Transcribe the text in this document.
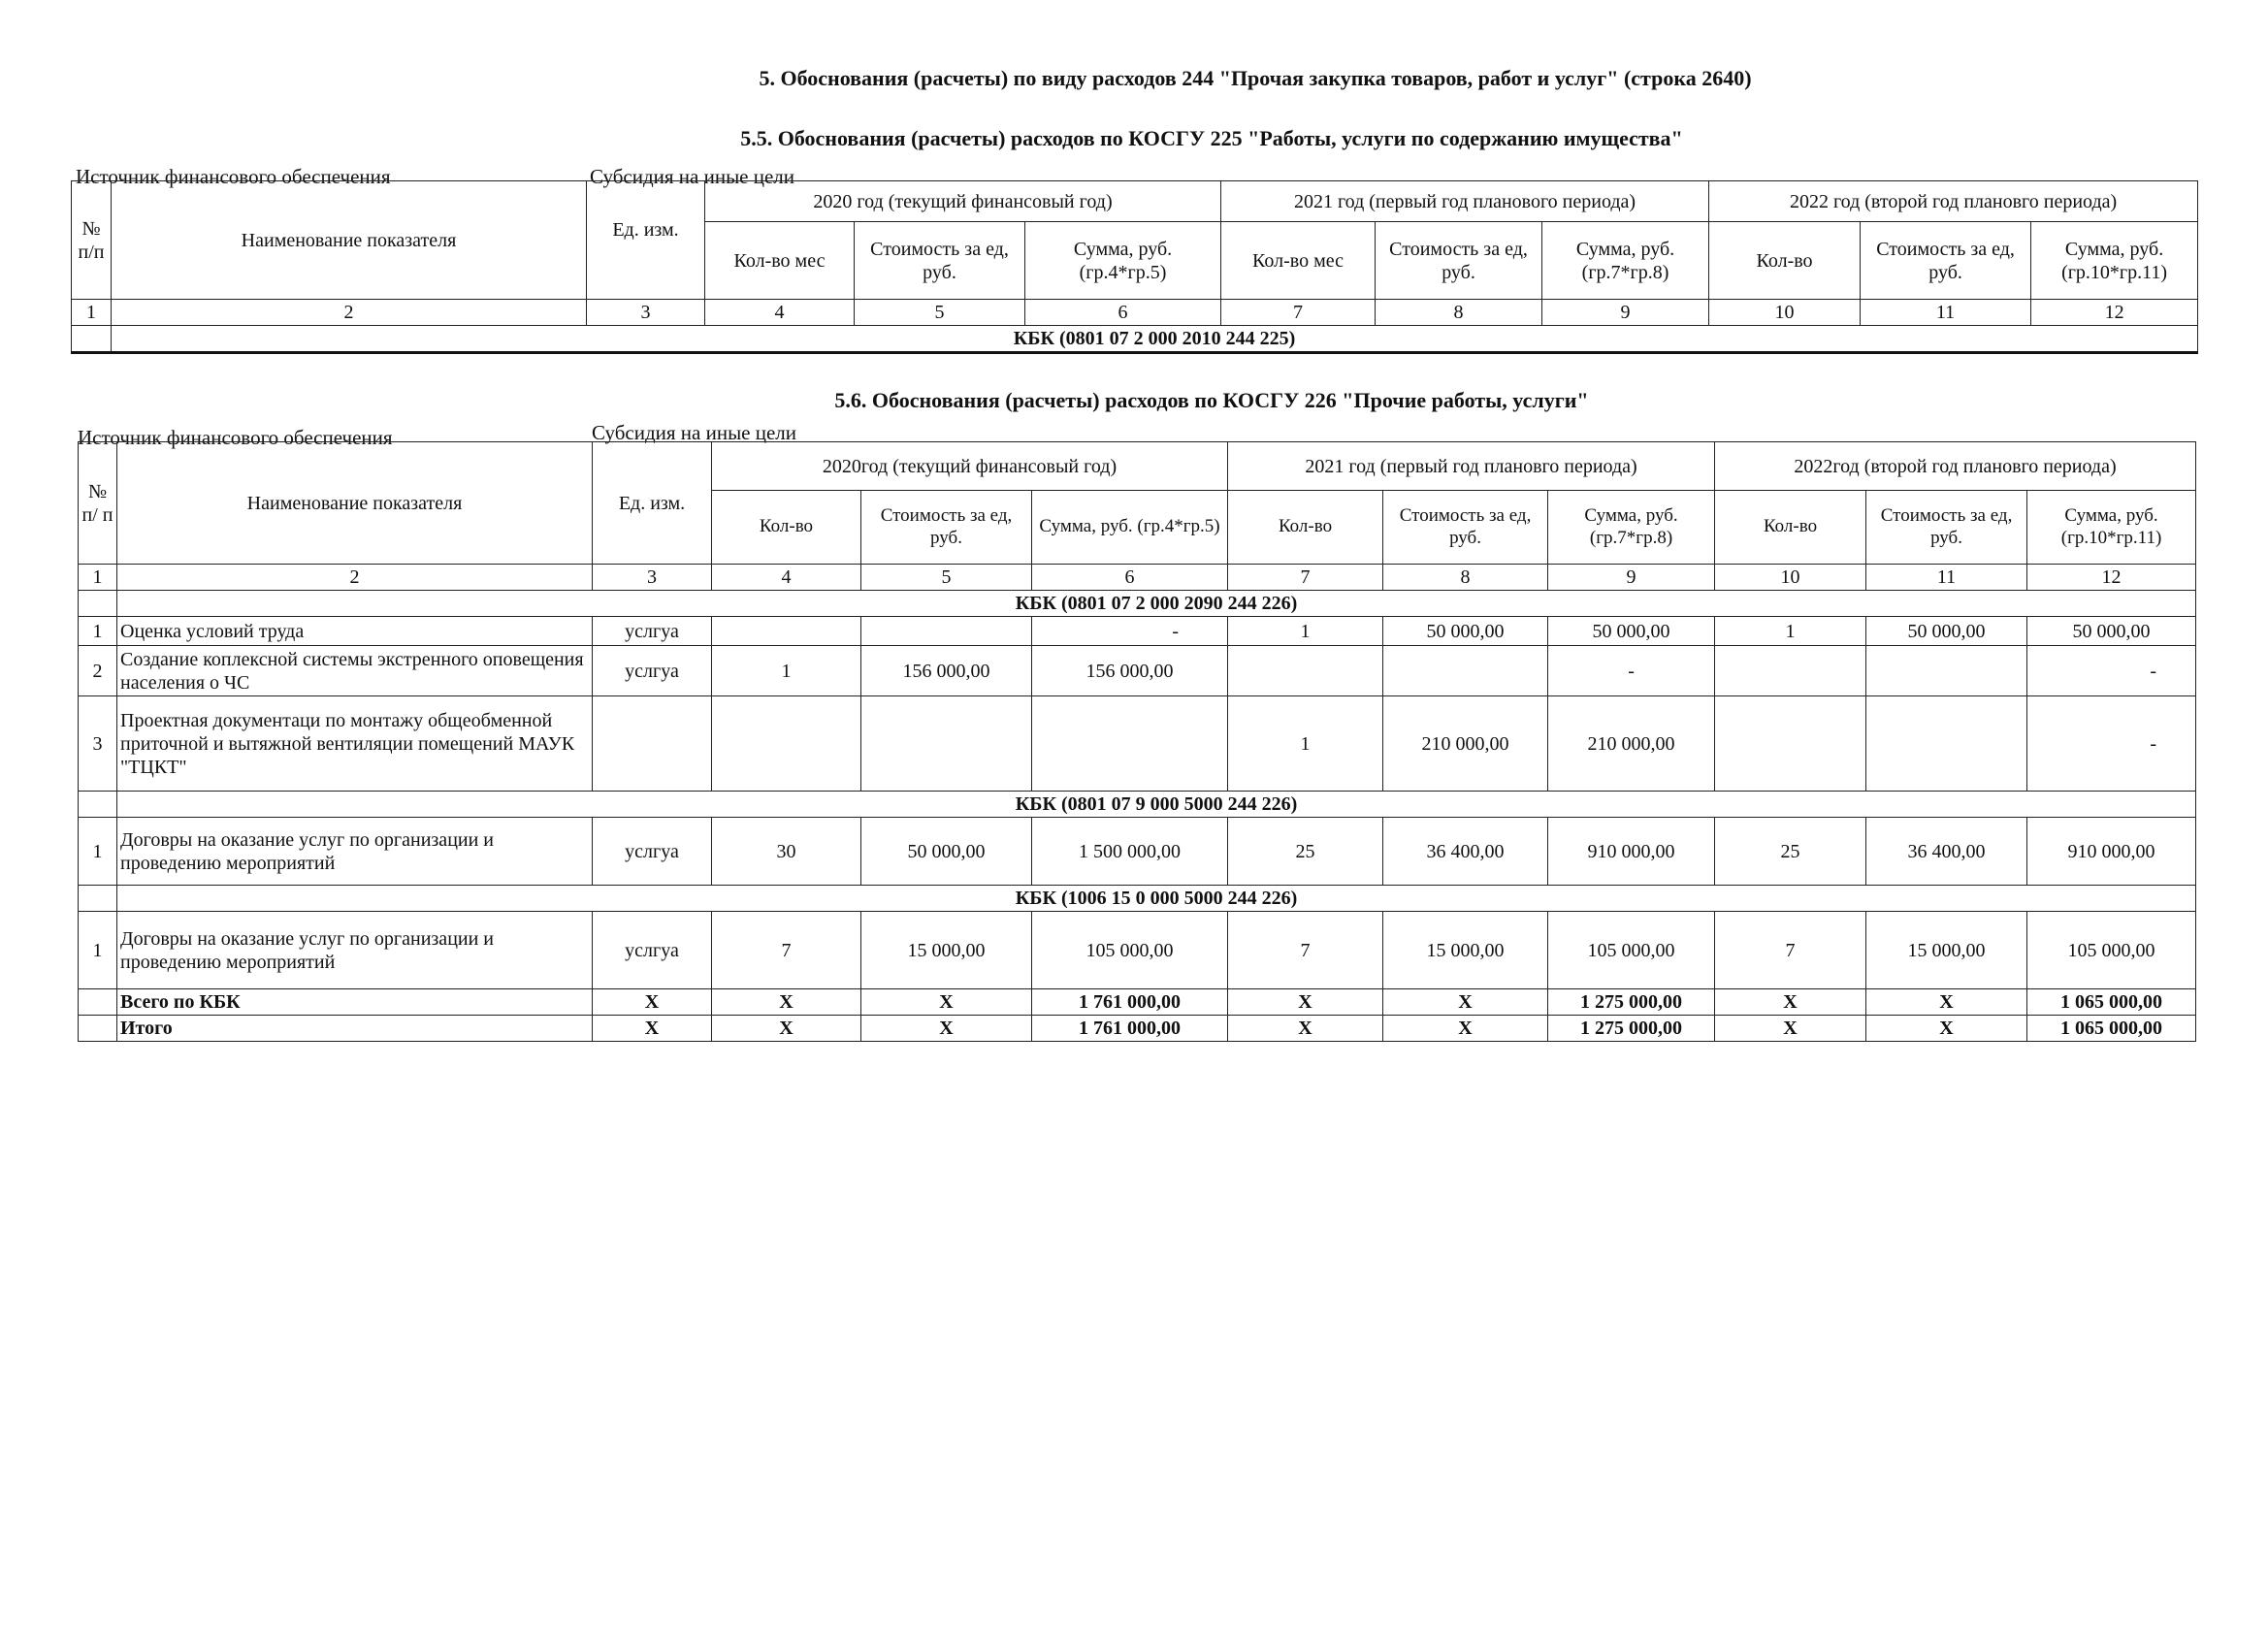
5. Обоснования (расчеты) по виду расходов 244 "Прочая закупка товаров, работ и услуг" (строка 2640)
5.5. Обоснования (расчеты) расходов по КОСГУ 225 "Работы, услуги по содержанию имущества"
Источник финансового обеспечения	Субсидия на иные цели
№ п/п	Наименование показателя	Ед. изм.	2020 год (текущий финансовый год)			2021 год (первый год планового периода)			2022 год (второй год плановго периода)		
			Кол-во мес	Стоимость за ед, руб.	Сумма, руб. (гр.4*гр.5)	Кол-во мес	Стоимость за ед, руб.	Сумма, руб. (гр.7*гр.8)	Кол-во	Стоимость за ед, руб.	Сумма, руб. (гр.10*гр.11)
1	2	3	4	5	6	7	8	9	10	11	12
	КБК (0801 07 2 000 2010 244 225)										
5.6. Обоснования (расчеты) расходов по КОСГУ 226 "Прочие работы, услуги"
Источник финансового обеспечения	Субсидия на иные цели
№ п/ п	Наименование показателя	Ед. изм.	2020год (текущий финансовый год)			2021 год (первый год плановго периода)			2022год (второй год плановго периода)		
			Кол-во	Стоимость за ед, руб.	Сумма, руб. (гр.4*гр.5)	Кол-во	Стоимость за ед, руб.	Сумма, руб. (гр.7*гр.8)	Кол-во	Стоимость за ед, руб.	Сумма, руб. (гр.10*гр.11)
1	2	3	4	5	6	7	8	9	10	11	12
	КБК (0801 07 2 000 2090 244 226)										
1	Оценка условий труда	услгуа			-	1	50 000,00	50 000,00	1	50 000,00	50 000,00
2	Создание коплексной системы экстренного оповещения населения о ЧС	услгуа	1	156 000,00	156 000,00			-			-
3	Проектная документаци по монтажу общеобменной приточной и вытяжной вентиляции помещений МАУК "ТЦКТ"					1	210 000,00	210 000,00			-
	КБК (0801 07 9 000 5000 244 226)										
1	Договры на оказание услуг по организации и проведению мероприятий	услгуа	30	50 000,00	1 500 000,00	25	36 400,00	910 000,00	25	36 400,00	910 000,00
	КБК (1006 15 0 000 5000 244 226)										
1	Договры на оказание услуг по организации и проведению мероприятий	услгуа	7	15 000,00	105 000,00	7	15 000,00	105 000,00	7	15 000,00	105 000,00
	Всего по КБК	X	X	X	1 761 000,00	X	X	1 275 000,00	X	X	1 065 000,00
	Итого	X	X	X	1 761 000,00	X	X	1 275 000,00	X	X	1 065 000,00
